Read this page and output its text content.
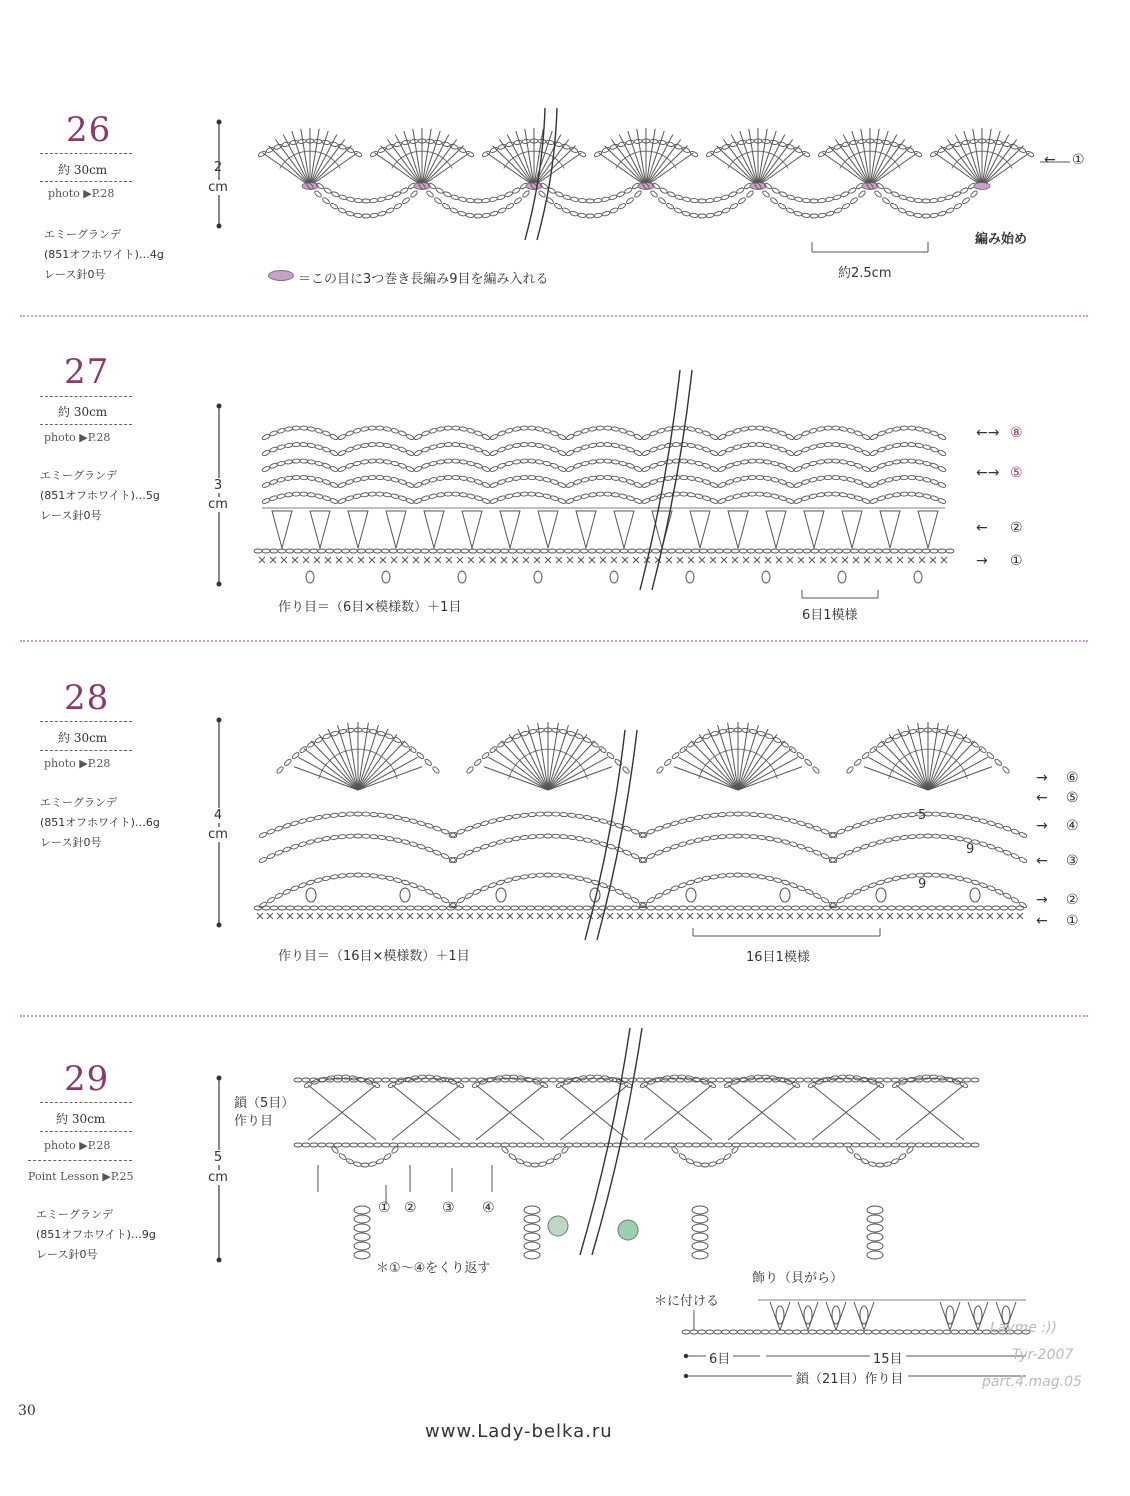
26
約 30cm
photo ▶P.28
エミーグランデ
(851オフホワイト)…4g
レース針0号
2
cm
＝この目に3つ巻き長編み9目を編み入れる
編み始め
約2.5cm
← ①
27
約 30cm
photo ▶P.28
エミーグランデ
(851オフホワイト)…5g
レース針0号
3
cm
作り目＝（6目×模様数）＋1目
6目1模様
←→ ⑧
←→ ⑤
← ②
→ ①
28
約 30cm
photo ▶P.28
エミーグランデ
(851オフホワイト)…6g
レース針0号
4
cm
作り目＝（16目×模様数）＋1目	16目1模様
5
9
9
→ ⑥
← ⑤
→ ④
← ③
→ ②
← ①
29
約 30cm
photo ▶P.28
Point Lesson ▶P.25
エミーグランデ
(851オフホワイト)…9g
レース針0号
5
cm
鎖（5目）作り目
① ② ③ ④
＊①〜④をくり返す
飾り（貝がら）
＊に付ける
6目	15目
鎖（21目）作り目
Layme :))
Tyr-2007
part.4.mag.05
30
www.Lady-belka.ru
